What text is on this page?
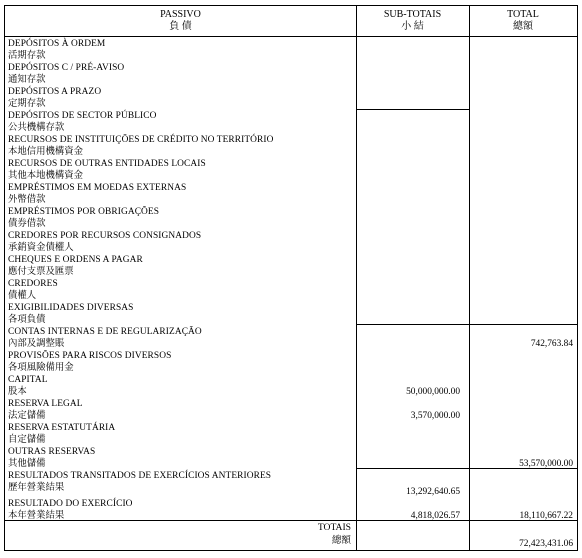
PASSIVO
負 債
SUB-TOTAIS
小 結
TOTAL
總額
DEPÓSITOS À ORDEM
活期存款
DEPÓSITOS C / PRÉ-AVISO
通知存款
DEPÓSITOS A PRAZO
定期存款
DEPÓSITOS DE SECTOR PÚBLICO
公共機構存款
RECURSOS DE INSTITUIÇÕES DE CRÉDITO NO TERRITÓRIO
本地信用機構資金
RECURSOS DE OUTRAS ENTIDADES LOCAIS
其他本地機構資金
EMPRÉSTIMOS EM MOEDAS EXTERNAS
外幣借款
EMPRÉSTIMOS POR OBRIGAÇÕES
債券借款
CREDORES POR RECURSOS CONSIGNADOS
承銷資金債權人
CHEQUES E ORDENS A PAGAR
應付支票及匯票
CREDORES
債權人
EXIGIBILIDADES DIVERSAS
各項負債
CONTAS INTERNAS E DE REGULARIZAÇÃO
內部及調整賬
PROVISÕES PARA RISCOS DIVERSOS
各項風險備用金
CAPITAL
股本
RESERVA LEGAL
法定儲備
RESERVA ESTATUTÁRIA
自定儲備
OUTRAS RESERVAS
其他儲備
RESULTADOS TRANSITADOS DE EXERCÍCIOS ANTERIORES
歷年營業結果
RESULTADO DO EXERCÍCIO
本年營業結果
742,763.84
50,000,000.00
3,570,000.00
53,570,000.00
13,292,640.65
4,818,026.57	18,110,667.22
TOTAIS
總額	72,423,431.06
